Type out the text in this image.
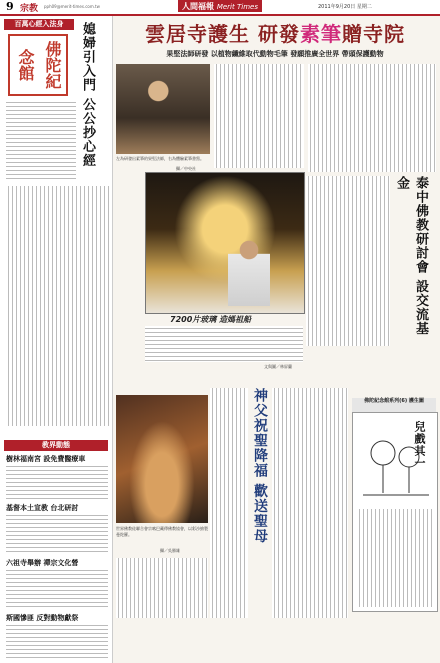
9 宗教 pph09@merit-times.com.tw	人間福報 Merit Times	2011年9月20日 星期二
百萬心經入法身
佛陀紀念館	媳婦引入門 公公抄心經
教界動態
樹林福南宮 設免費醫療車
基督本土宣教 台北研討
六祖寺舉辦 禪宗文化營
斯國慘匪 反對動物獻祭
雲居寺護生 研發素筆贈寺院
果堅法師研發 以植物纖維取代動物毛筆 發願推廣全世界 帶頭保護動物
左為研發出素筆的果堅法師，右為體驗素筆書寫。
攝／中央社
泰中佛教研討會 設交流基金
7200片玻璃 造媽祖船
文與圖／林屏蘭
神父祝聖降福 歡送聖母
世界佛教徒聯合會宗喀巴藏傳佛教協會，以彩沙繪製曼陀羅。
攝／吳勝雄
佛陀紀念館系列(6) 護生圖
兒戲其一
